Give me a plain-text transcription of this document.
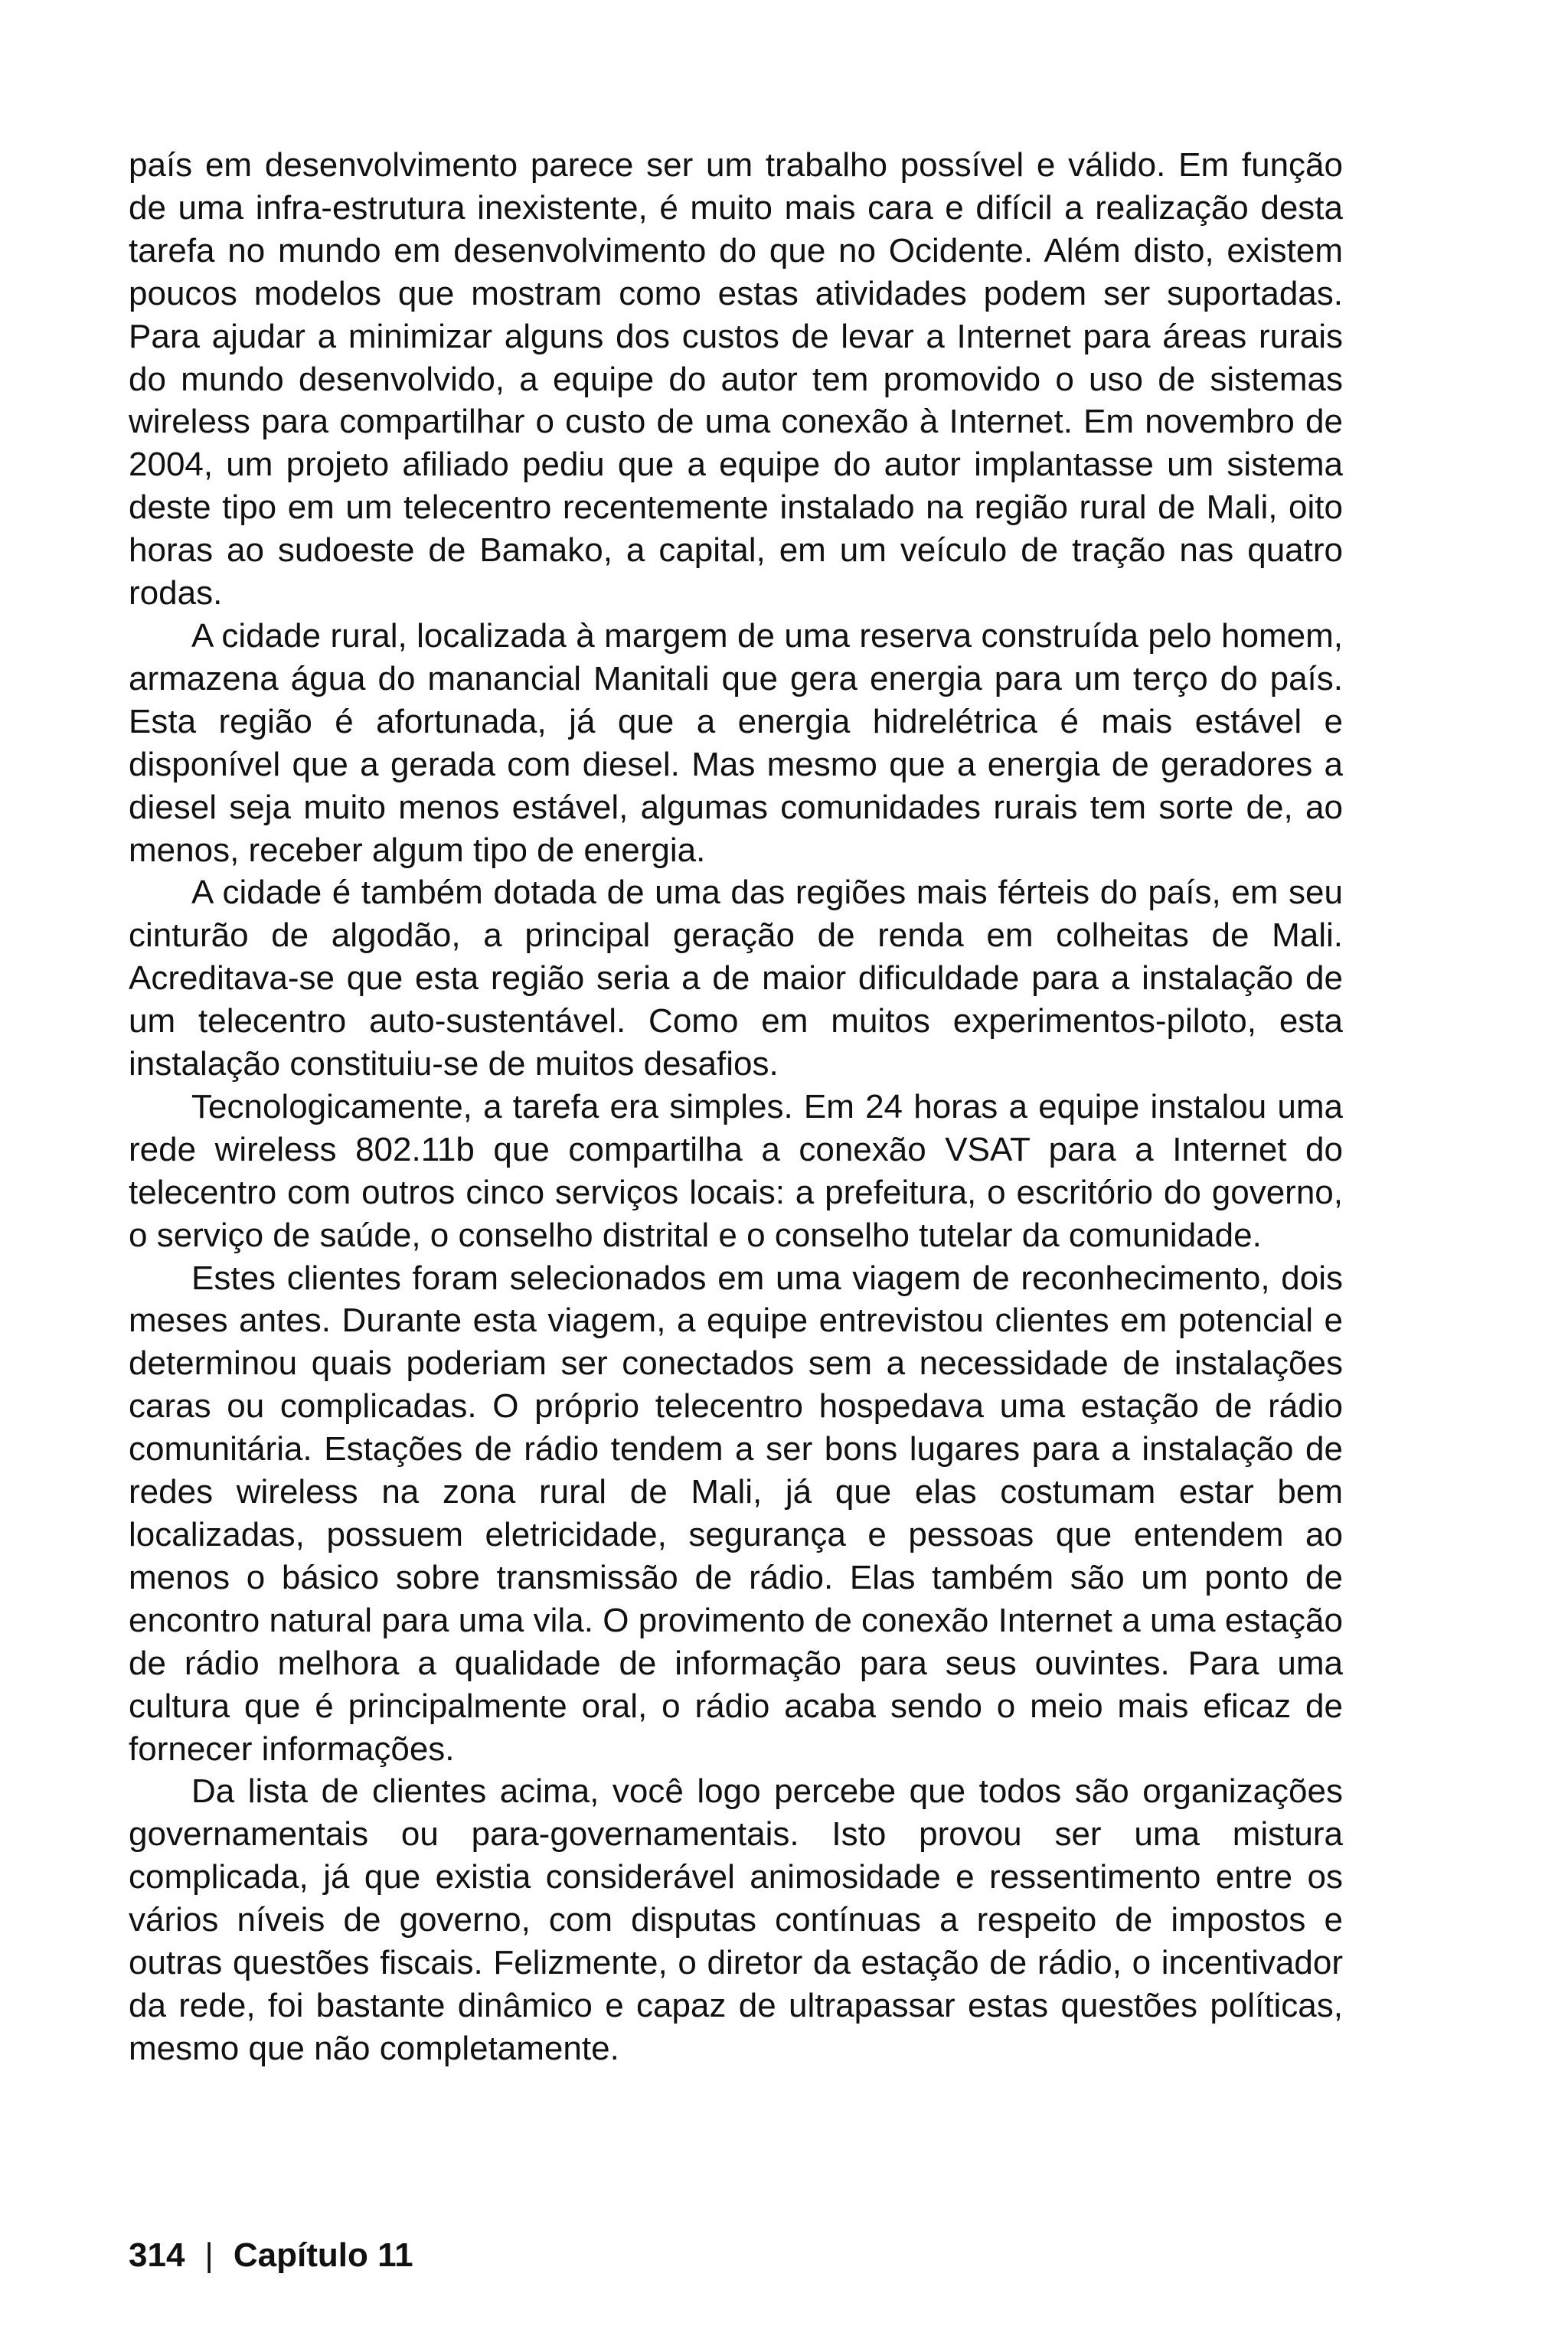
país em desenvolvimento parece ser um trabalho possível e válido. Em função de uma infra-estrutura inexistente, é muito mais cara e difícil a realização desta tarefa no mundo em desenvolvimento do que no Ocidente. Além disto, existem poucos modelos que mostram como estas atividades podem ser suportadas. Para ajudar a minimizar alguns dos custos de levar a Internet para áreas rurais do mundo desenvolvido, a equipe do autor tem promovido o uso de sistemas wireless para compartilhar o custo de uma conexão à Internet. Em novembro de 2004, um projeto afiliado pediu que a equipe do autor implantasse um sistema deste tipo em um telecentro recentemente instalado na região rural de Mali, oito horas ao sudoeste de Bamako, a capital, em um veículo de tração nas quatro rodas.

A cidade rural, localizada à margem de uma reserva construída pelo homem, armazena água do manancial Manitali que gera energia para um terço do país. Esta região é afortunada, já que a energia hidrelétrica é mais estável e disponível que a gerada com diesel. Mas mesmo que a energia de geradores a diesel seja muito menos estável, algumas comunidades rurais tem sorte de, ao menos, receber algum tipo de energia.

A cidade é também dotada de uma das regiões mais férteis do país, em seu cinturão de algodão, a principal geração de renda em colheitas de Mali. Acreditava-se que esta região seria a de maior dificuldade para a instalação de um telecentro auto-sustentável. Como em muitos experimentos-piloto, esta instalação constituiu-se de muitos desafios.

Tecnologicamente, a tarefa era simples. Em 24 horas a equipe instalou uma rede wireless 802.11b que compartilha a conexão VSAT para a Internet do telecentro com outros cinco serviços locais: a prefeitura, o escritório do governo, o serviço de saúde, o conselho distrital e o conselho tutelar da comunidade.

Estes clientes foram selecionados em uma viagem de reconhecimento, dois meses antes. Durante esta viagem, a equipe entrevistou clientes em potencial e determinou quais poderiam ser conectados sem a necessidade de instalações caras ou complicadas. O próprio telecentro hospedava uma estação de rádio comunitária. Estações de rádio tendem a ser bons lugares para a instalação de redes wireless na zona rural de Mali, já que elas costumam estar bem localizadas, possuem eletricidade, segurança e pessoas que entendem ao menos o básico sobre transmissão de rádio. Elas também são um ponto de encontro natural para uma vila. O provimento de conexão Internet a uma estação de rádio melhora a qualidade de informação para seus ouvintes. Para uma cultura que é principalmente oral, o rádio acaba sendo o meio mais eficaz de fornecer informações.

Da lista de clientes acima, você logo percebe que todos são organizações governamentais ou para-governamentais. Isto provou ser uma mistura complicada, já que existia considerável animosidade e ressentimento entre os vários níveis de governo, com disputas contínuas a respeito de impostos e outras questões fiscais. Felizmente, o diretor da estação de rádio, o incentivador da rede, foi bastante dinâmico e capaz de ultrapassar estas questões políticas, mesmo que não completamente.

314 | Capítulo 11
